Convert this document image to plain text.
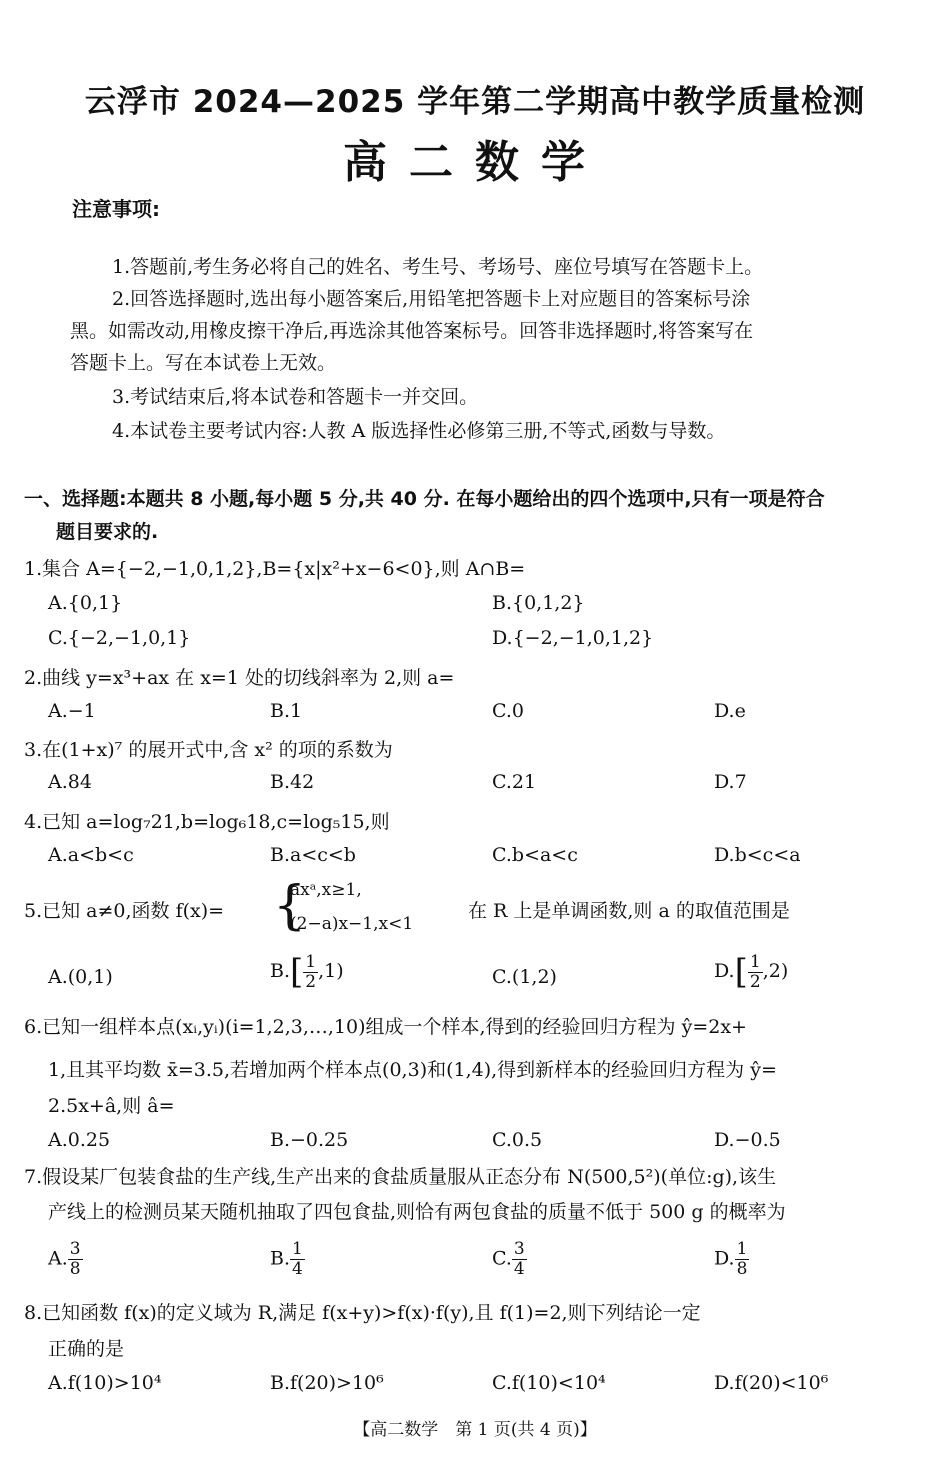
云浮市 2024—2025 学年第二学期高中教学质量检测
高二数学
注意事项:
1.答题前,考生务必将自己的姓名、考生号、考场号、座位号填写在答题卡上。
2.回答选择题时,选出每小题答案后,用铅笔把答题卡上对应题目的答案标号涂
黑。如需改动,用橡皮擦干净后,再选涂其他答案标号。回答非选择题时,将答案写在
答题卡上。写在本试卷上无效。
3.考试结束后,将本试卷和答题卡一并交回。
4.本试卷主要考试内容:人教 A 版选择性必修第三册,不等式,函数与导数。
一、选择题:本题共 8 小题,每小题 5 分,共 40 分. 在每小题给出的四个选项中,只有一项是符合
题目要求的.
1.集合 A={−2,−1,0,1,2},B={x|x²+x−6<0},则 A∩B=
A.{0,1}	B.{0,1,2}
C.{−2,−1,0,1}	D.{−2,−1,0,1,2}
2.曲线 y=x³+ax 在 x=1 处的切线斜率为 2,则 a=
A.−1	B.1	C.0	D.e
3.在(1+x)⁷ 的展开式中,含 x² 的项的系数为
A.84	B.42	C.21	D.7
4.已知 a=log₇21,b=log₆18,c=log₅15,则
A.a<b<c	B.a<c<b	C.b<a<c	D.b<c<a
5.已知 a≠0,函数 f(x)= {
axᵃ,x≥1,
(2−a)x−1,x<1
在 R 上是单调函数,则 a 的取值范围是
A.(0,1)	$B.[ \frac{1}{2} ,1)$	C.(1,2)	$D.[ \frac{1}{2} ,2)$
6.已知一组样本点(xᵢ,yᵢ)(i=1,2,3,…,10)组成一个样本,得到的经验回归方程为 ŷ=2x+
1,且其平均数 x̄=3.5,若增加两个样本点(0,3)和(1,4),得到新样本的经验回归方程为 ŷ=
2.5x+â,则 â=
A.0.25	B.−0.25	C.0.5	D.−0.5
7.假设某厂包装食盐的生产线,生产出来的食盐质量服从正态分布 N(500,5²)(单位:g),该生
产线上的检测员某天随机抽取了四包食盐,则恰有两包食盐的质量不低于 500 g 的概率为
A. $\frac{3}{8}$	B. $\frac{1}{4}$	C. $\frac{3}{4}$	D. $\frac{1}{8}$
8.已知函数 f(x)的定义域为 R,满足 f(x+y)>f(x)·f(y),且 f(1)=2,则下列结论一定
正确的是
A.f(10)>10⁴	B.f(20)>10⁶	C.f(10)<10⁴	D.f(20)<10⁶
【高二数学　第 1 页(共 4 页)】
